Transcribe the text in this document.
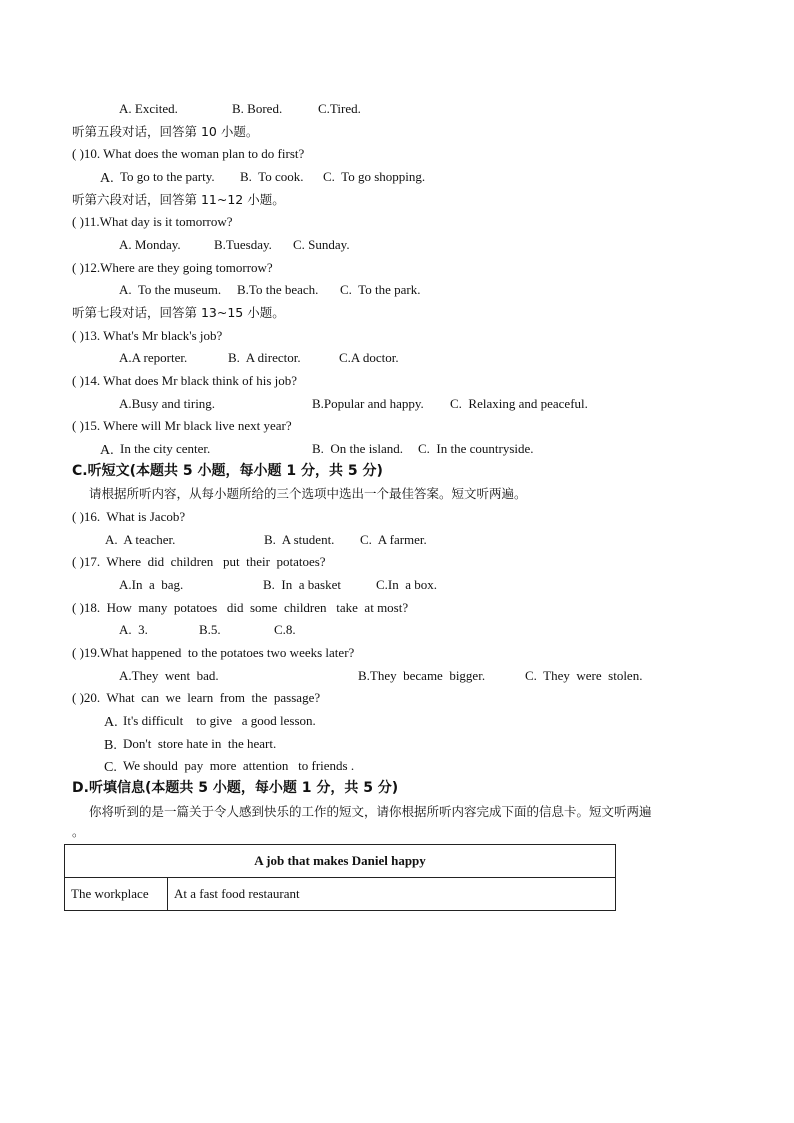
A. Excited.	B. Bored.	C.Tired.
听第五段对话，回答第 10 小题。
( )10. What does the woman plan to do first?
A. To go to the party. B.  To cook. C.  To go shopping.
听第六段对话，回答第 11~12 小题。
( )11.What day is it tomorrow?
A. Monday.	B.Tuesday. C. Sunday.
( )12.Where are they going tomorrow?
A.  To the museum. B.To the beach. C.  To the park.
听第七段对话，回答第 13~15 小题。
( )13. What's Mr black's job?
A.A reporter.	B.  A director.	C.A doctor.
( )14. What does Mr black think of his job?
A.Busy and tiring.	B.Popular and happy. C.  Relaxing and peaceful.
( )15. Where will Mr black live next year?
A. In the city center.	B.  On the island. C.  In the countryside.
C.听短文(本题共 5 小题，每小题 1 分，共 5 分)
请根据所听内容，从每小题所给的三个选项中选出一个最佳答案。短文听两遍。
( )16.  What is Jacob?
A.  A teacher.	B.  A student. C.  A farmer.
( )17.  Where  did  children   put  their  potatoes?
A.In  a  bag.	B.  In  a basket	C.In  a box.
( )18.  How  many  potatoes   did  some  children   take  at most?
A.  3.	B.5.	C.8.
( )19.What happened  to the potatoes two weeks later?
A.They  went  bad.	B.They  became  bigger.	C.  They  were  stolen.
( )20.  What  can  we  learn  from  the  passage?
A. It's difficult    to give   a good lesson.
B. Don't  store hate in  the heart.
C. We should  pay  more  attention   to friends .
D.听填信息(本题共 5 小题，每小题 1 分，共 5 分)
你将听到的是一篇关于令人感到快乐的工作的短文，请你根据所听内容完成下面的信息卡。短文听两遍
。
A job that makes Daniel happy
The workplace	At a fast food restaurant
